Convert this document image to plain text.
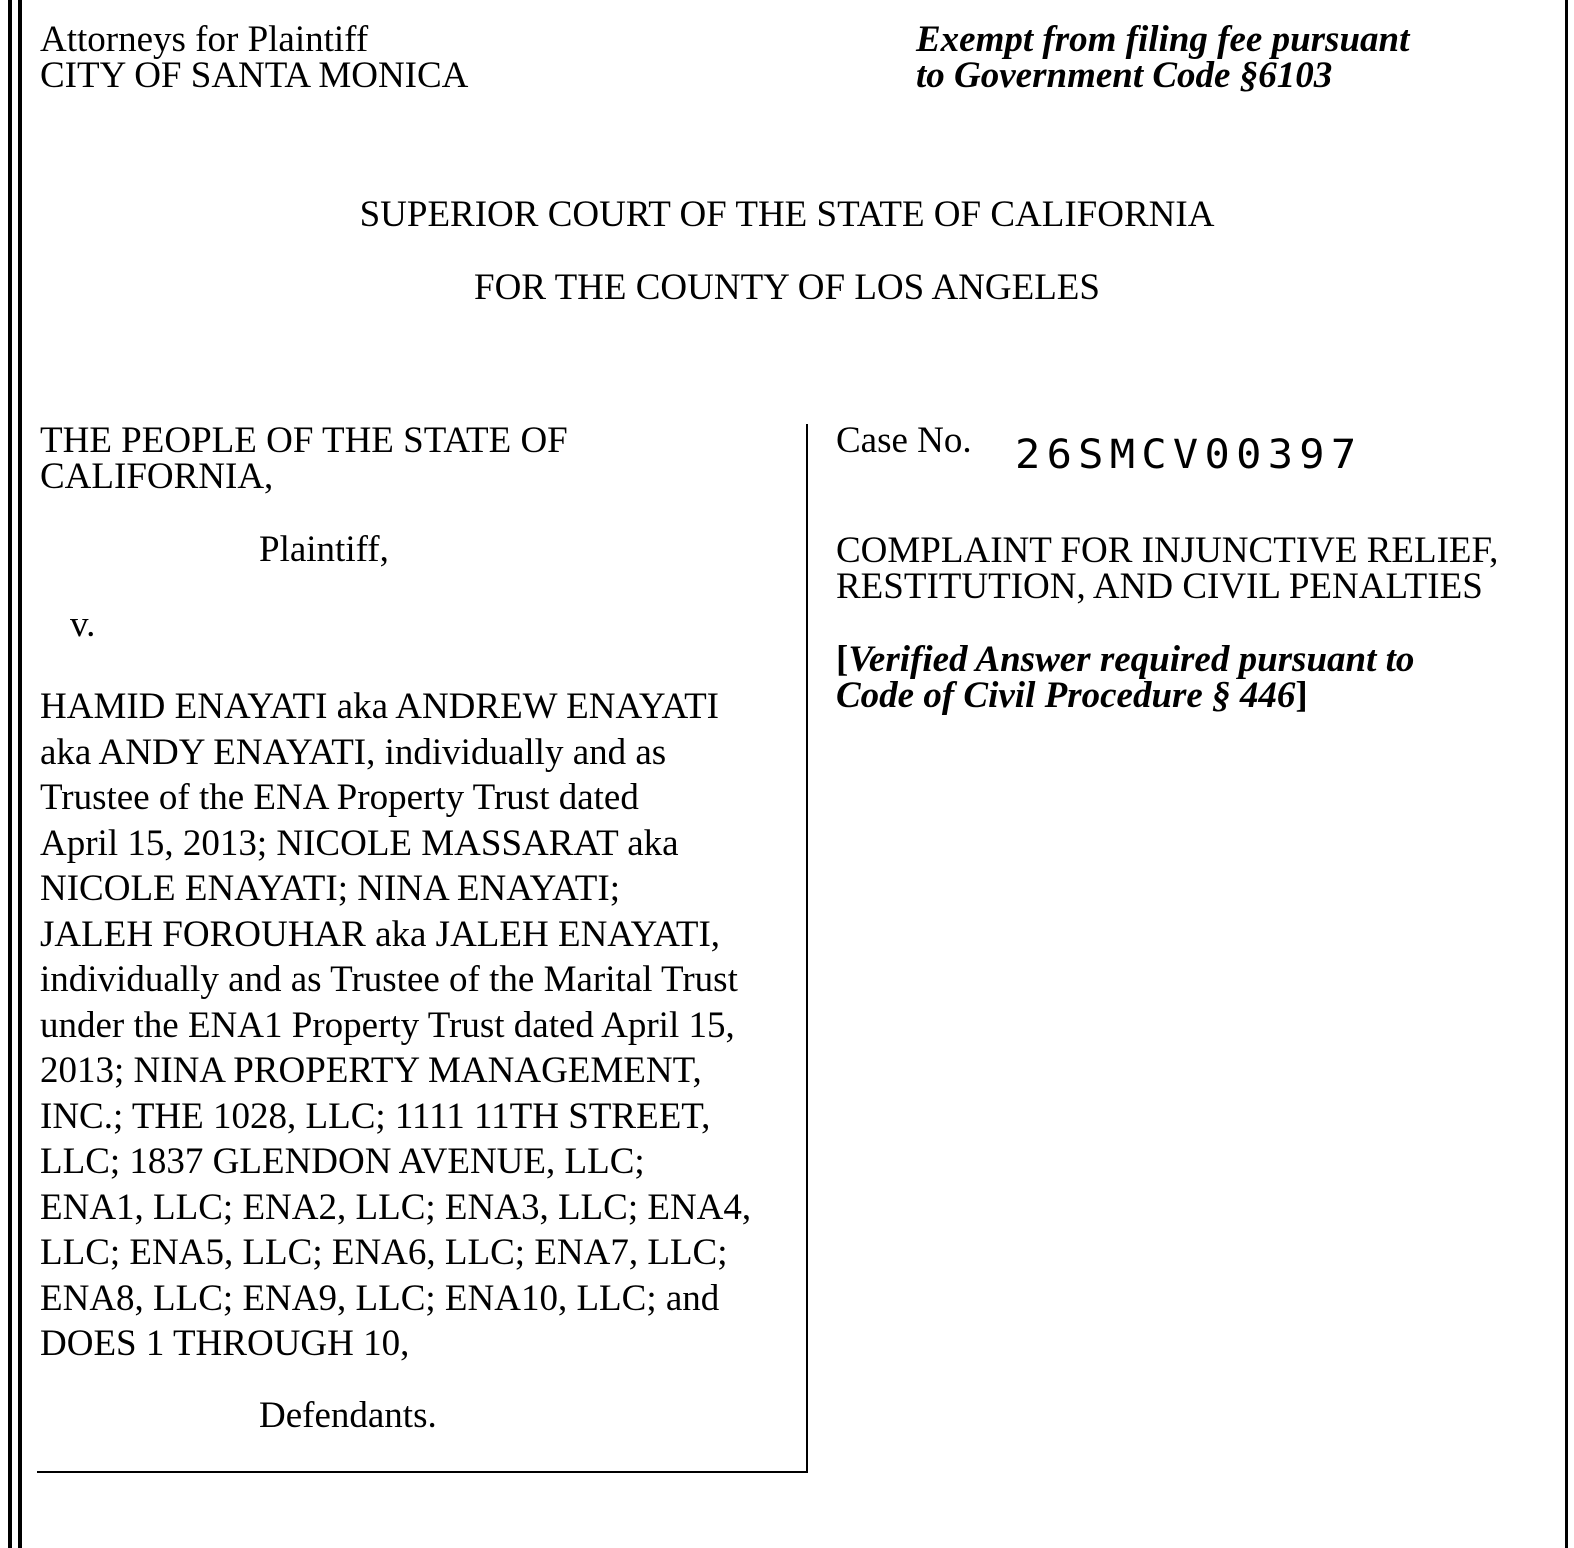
Attorneys for Plaintiff
CITY OF SANTA MONICA
Exempt from filing fee pursuant
to Government Code §6103
SUPERIOR COURT OF THE STATE OF CALIFORNIA
FOR THE COUNTY OF LOS ANGELES
THE PEOPLE OF THE STATE OF
CALIFORNIA,
Plaintiff,
v.
HAMID ENAYATI aka ANDREW ENAYATI
aka ANDY ENAYATI, individually and as
Trustee of the ENA Property Trust dated
April 15, 2013; NICOLE MASSARAT aka
NICOLE ENAYATI; NINA ENAYATI;
JALEH FOROUHAR aka JALEH ENAYATI,
individually and as Trustee of the Marital Trust
under the ENA1 Property Trust dated April 15,
2013; NINA PROPERTY MANAGEMENT,
INC.; THE 1028, LLC; 1111 11TH STREET,
LLC; 1837 GLENDON AVENUE, LLC;
ENA1, LLC; ENA2, LLC; ENA3, LLC; ENA4,
LLC; ENA5, LLC; ENA6, LLC; ENA7, LLC;
ENA8, LLC; ENA9, LLC; ENA10, LLC; and
DOES 1 THROUGH 10,
Defendants.
Case No. 26SMCV00397
COMPLAINT FOR INJUNCTIVE RELIEF,
RESTITUTION, AND CIVIL PENALTIES
[Verified Answer required pursuant to
Code of Civil Procedure § 446]
